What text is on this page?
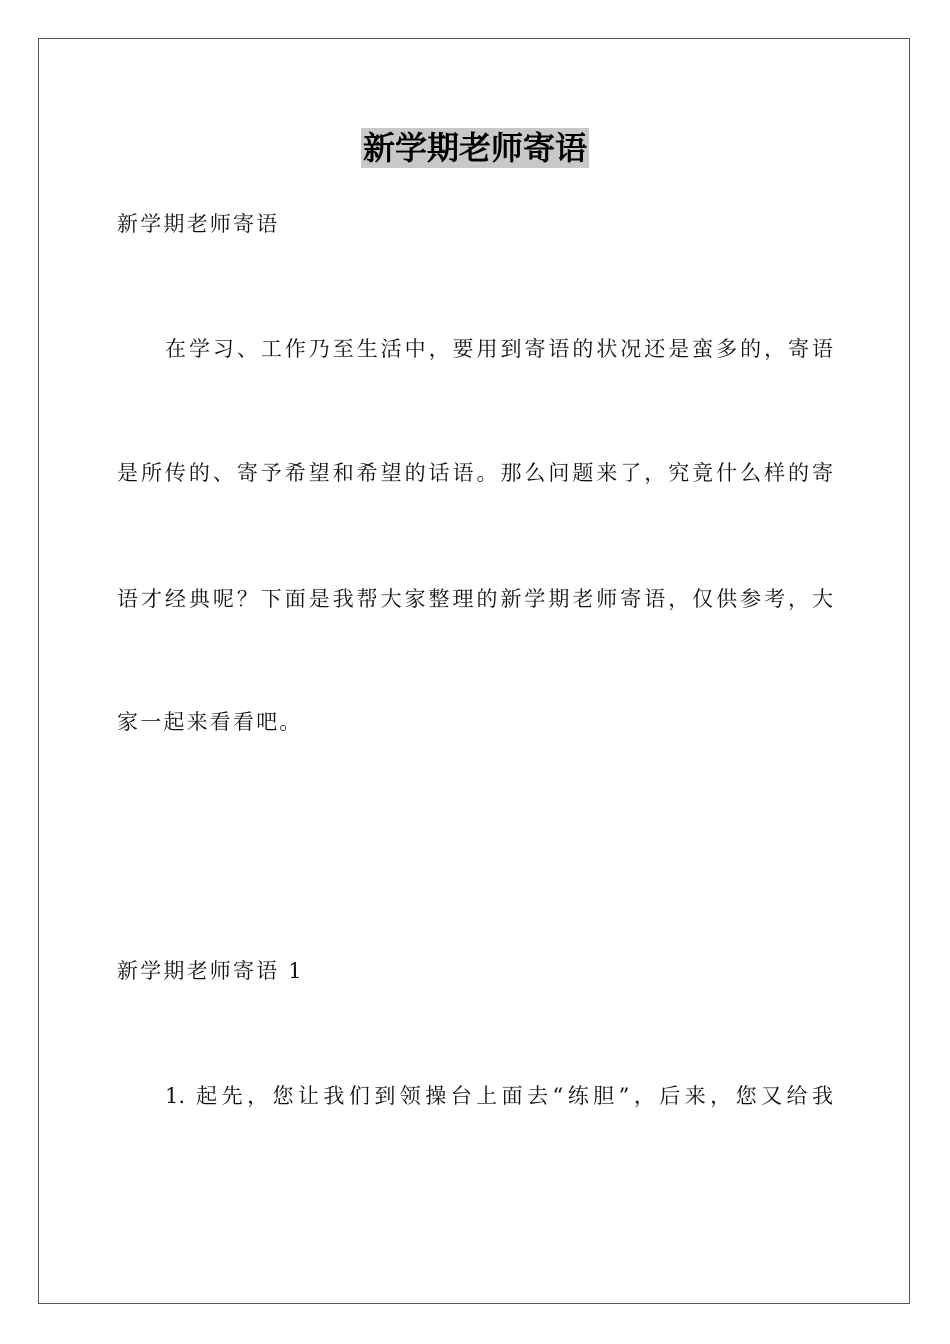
新学期老师寄语
新学期老师寄语
在学习、工作乃至生活中，要用到寄语的状况还是蛮多的，寄语
是所传的、寄予希望和希望的话语。那么问题来了，究竟什么样的寄
语才经典呢？下面是我帮大家整理的新学期老师寄语，仅供参考，大
家一起来看看吧。
新学期老师寄语 1
1. 起先，您让我们到领操台上面去“练胆”，后来，您又给我
